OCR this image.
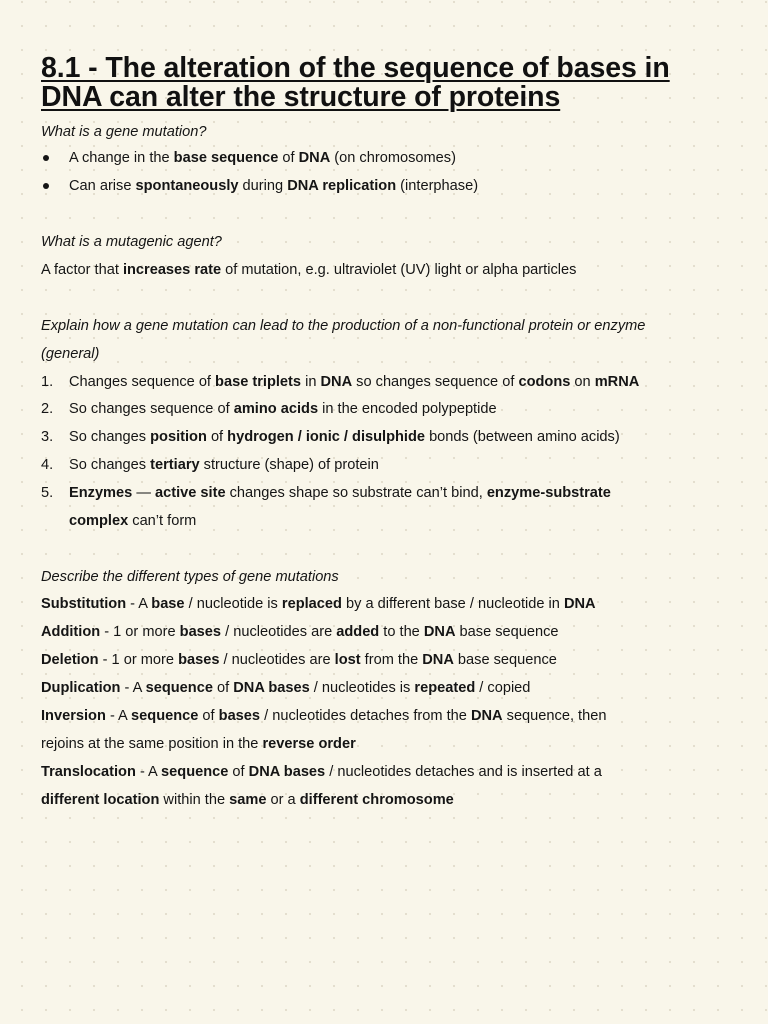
8.1 - The alteration of the sequence of bases in DNA can alter the structure of proteins
What is a gene mutation?
A change in the base sequence of DNA (on chromosomes)
Can arise spontaneously during DNA replication (interphase)
What is a mutagenic agent?
A factor that increases rate of mutation, e.g. ultraviolet (UV) light or alpha particles
Explain how a gene mutation can lead to the production of a non-functional protein or enzyme
(general)
1. Changes sequence of base triplets in DNA so changes sequence of codons on mRNA
2. So changes sequence of amino acids in the encoded polypeptide
3. So changes position of hydrogen / ionic / disulphide bonds (between amino acids)
4. So changes tertiary structure (shape) of protein
5. Enzymes — active site changes shape so substrate can’t bind, enzyme-substrate
complex can’t form
Describe the different types of gene mutations
Substitution - A base / nucleotide is replaced by a different base / nucleotide in DNA
Addition - 1 or more bases / nucleotides are added to the DNA base sequence
Deletion - 1 or more bases / nucleotides are lost from the DNA base sequence
Duplication - A sequence of DNA bases / nucleotides is repeated / copied
Inversion - A sequence of bases / nucleotides detaches from the DNA sequence, then
rejoins at the same position in the reverse order
Translocation - A sequence of DNA bases / nucleotides detaches and is inserted at a
different location within the same or a different chromosome
